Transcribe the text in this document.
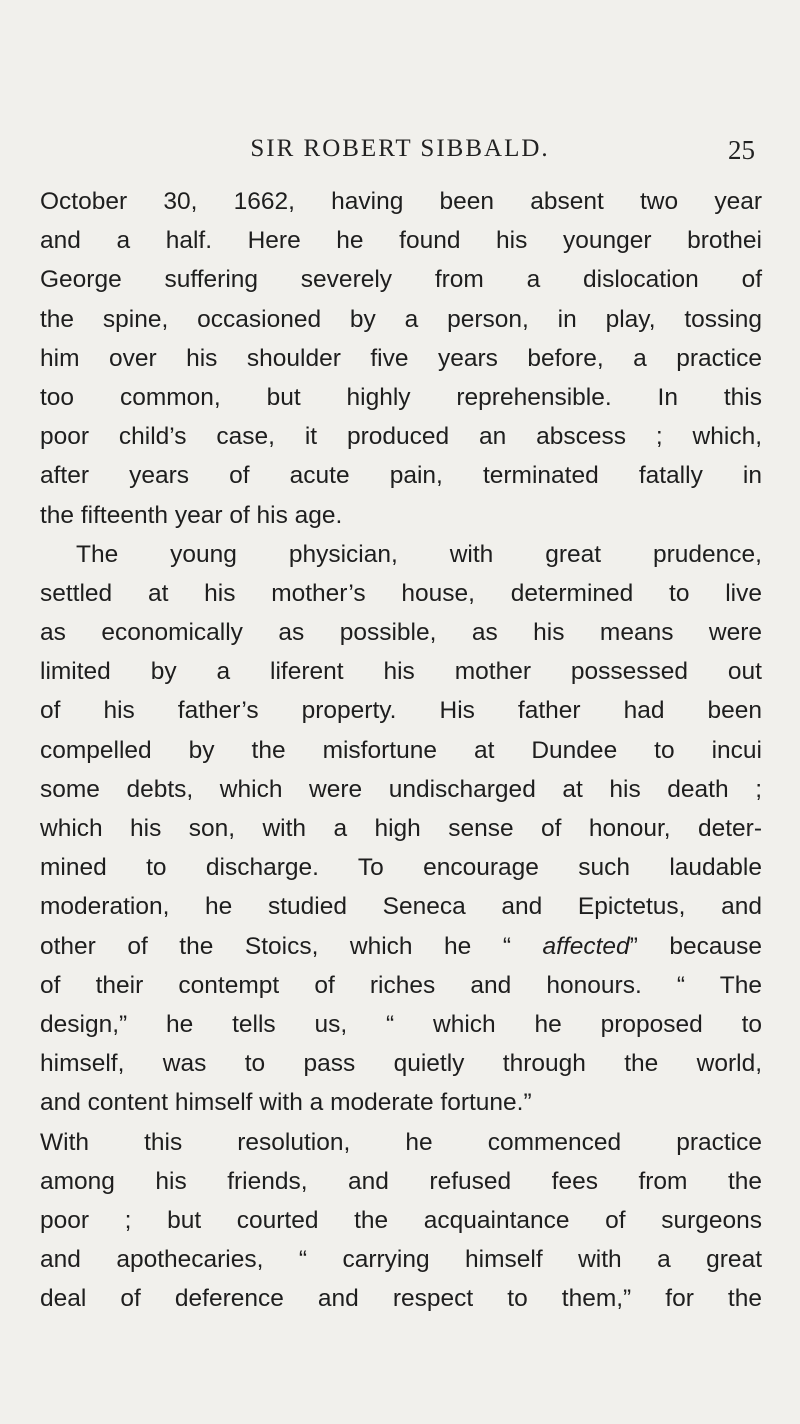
SIR ROBERT SIBBALD.	25
October 30, 1662, having been absent two year
and a half. Here he found his younger brothei
George suffering severely from a dislocation of
the spine, occasioned by a person, in play, tossing
him over his shoulder five years before, a practice
too common, but highly reprehensible. In this
poor child’s case, it produced an abscess ; which,
after years of acute pain, terminated fatally in
the fifteenth year of his age.
The young physician, with great prudence,
settled at his mother’s house, determined to live
as economically as possible, as his means were
limited by a liferent his mother possessed out
of his father’s property. His father had been
compelled by the misfortune at Dundee to incui
some debts, which were undischarged at his death ;
which his son, with a high sense of honour, deter-
mined to discharge. To encourage such laudable
moderation, he studied Seneca and Epictetus, and
other of the Stoics, which he “ affected” because
of their contempt of riches and honours. “ The
design,” he tells us, “ which he proposed to
himself, was to pass quietly through the world,
and content himself with a moderate fortune.”
With this resolution, he commenced practice
among his friends, and refused fees from the
poor ; but courted the acquaintance of surgeons
and apothecaries, “ carrying himself with a great
deal of deference and respect to them,” for the
